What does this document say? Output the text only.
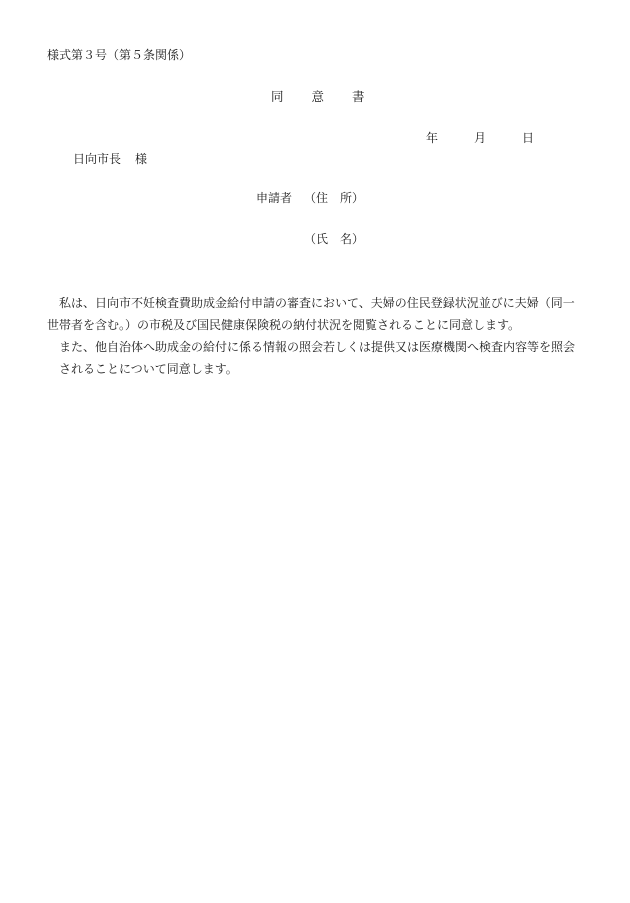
様式第３号（第５条関係）
同 意 書
年	月	日
日向市長 様
申請者 （住 所）
（氏 名）

私は、日向市不妊検査費助成金給付申請の審査において、夫婦の住民登録状況並びに夫婦（同一
世帯者を含む。）の市税及び国民健康保険税の納付状況を閲覧されることに同意します。

また、他自治体へ助成金の給付に係る情報の照会若しくは提供又は医療機関へ検査内容等を照会
されることについて同意します。
